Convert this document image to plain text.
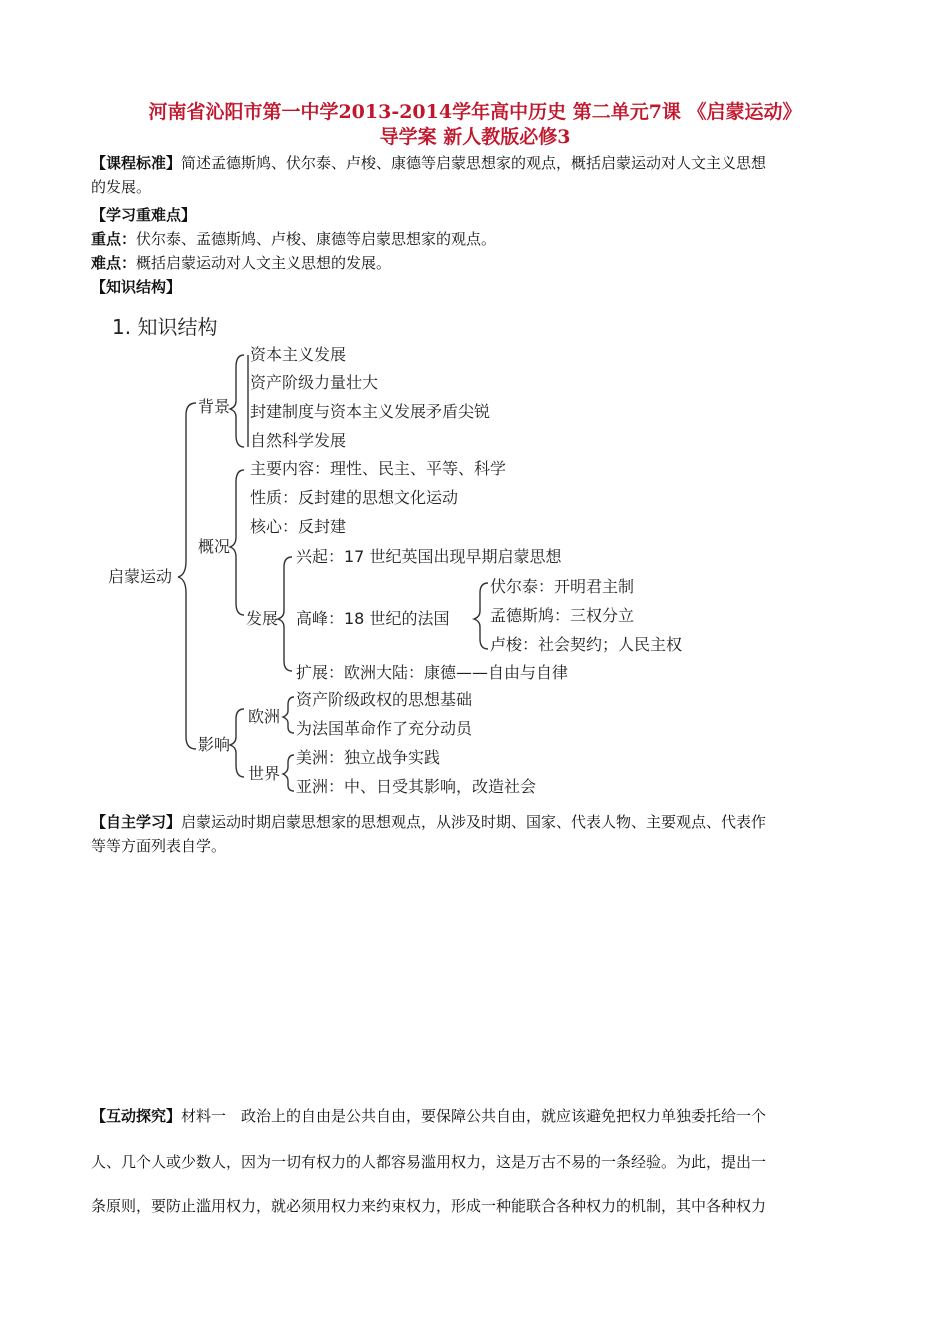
河南省沁阳市第一中学2013-2014学年高中历史 第二单元7课 《启蒙运动》
导学案 新人教版必修3
【课程标准】简述孟德斯鸠、伏尔泰、卢梭、康德等启蒙思想家的观点，概括启蒙运动对人文主义思想
的发展。
【学习重难点】
重点：伏尔泰、孟德斯鸠、卢梭、康德等启蒙思想家的观点。
难点：概括启蒙运动对人文主义思想的发展。
【知识结构】
1. 知识结构
启蒙运动
背景
资本主义发展
资产阶级力量壮大
封建制度与资本主义发展矛盾尖锐
自然科学发展
概况
主要内容：理性、民主、平等、科学
性质：反封建的思想文化运动
核心：反封建
发展
兴起：17 世纪英国出现早期启蒙思想
高峰：18 世纪的法国
伏尔泰：开明君主制
孟德斯鸠：三权分立
卢梭：社会契约；人民主权
扩展：欧洲大陆：康德——自由与自律
影响
欧洲
资产阶级政权的思想基础
为法国革命作了充分动员
世界
美洲：独立战争实践
亚洲：中、日受其影响，改造社会
【自主学习】启蒙运动时期启蒙思想家的思想观点，从涉及时期、国家、代表人物、主要观点、代表作
等等方面列表自学。
【互动探究】材料一　政治上的自由是公共自由，要保障公共自由，就应该避免把权力单独委托给一个
人、几个人或少数人，因为一切有权力的人都容易滥用权力，这是万古不易的一条经验。为此，提出一
条原则，要防止滥用权力，就必须用权力来约束权力，形成一种能联合各种权力的机制，其中各种权力
